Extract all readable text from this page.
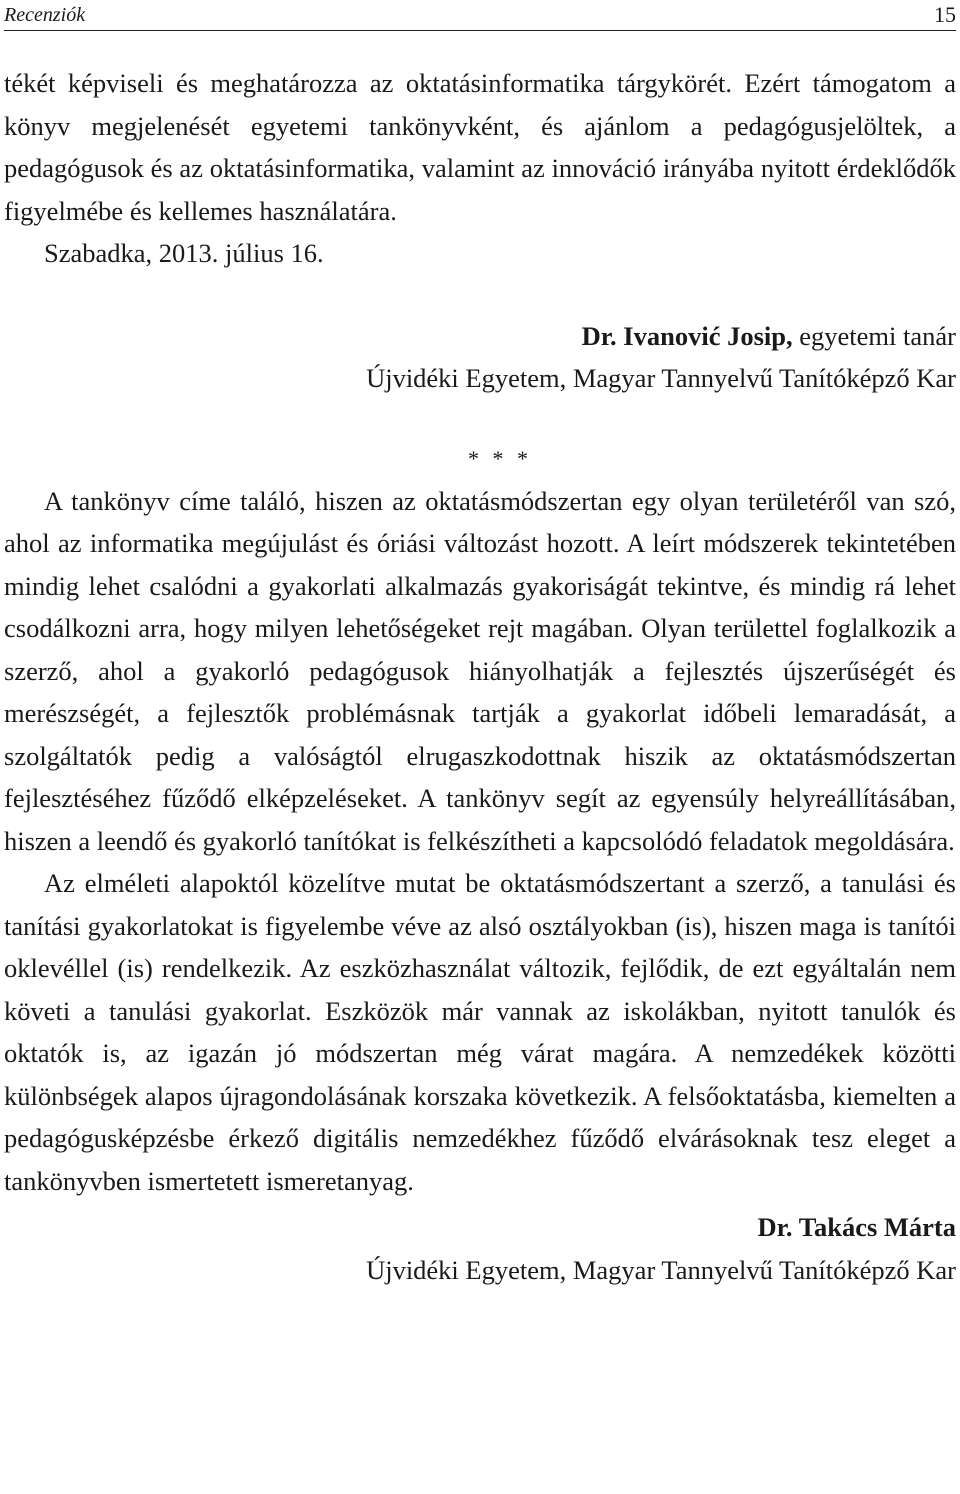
Recenziók	15

tékét képviseli és meghatározza az oktatásinformatika tárgykörét. Ezért támogatom a könyv megjelenését egyetemi tankönyvként, és ajánlom a pedagógusjelöltek, a pedagógusok és az oktatásinformatika, valamint az innováció irányába nyitott érdeklődők figyelmébe és kellemes használatára.

Szabadka, 2013. július 16.

Dr. Ivanović Josip, egyetemi tanár

Újvidéki Egyetem, Magyar Tannyelvű Tanítóképző Kar

* * *

A tankönyv címe találó, hiszen az oktatásmódszertan egy olyan területéről van szó, ahol az informatika megújulást és óriási változást hozott. A leírt módszerek tekintetében mindig lehet csalódni a gyakorlati alkalmazás gyakoriságát tekintve, és mindig rá lehet csodálkozni arra, hogy milyen lehetőségeket rejt magában. Olyan területtel foglalkozik a szerző, ahol a gyakorló pedagógusok hiányolhatják a fejlesztés újszerűségét és merészségét, a fejlesztők problémásnak tartják a gyakorlat időbeli lemaradását, a szolgáltatók pedig a valóságtól elrugaszkodottnak hiszik az oktatásmódszertan fejlesztéséhez fűződő elképzeléseket. A tankönyv segít az egyensúly helyreállításában, hiszen a leendő és gyakorló tanítókat is felkészítheti a kapcsolódó feladatok megoldására.

Az elméleti alapoktól közelítve mutat be oktatásmódszertant a szerző, a tanulási és tanítási gyakorlatokat is figyelembe véve az alsó osztályokban (is), hiszen maga is tanítói oklevéllel (is) rendelkezik. Az eszközhasználat változik, fejlődik, de ezt egyáltalán nem követi a tanulási gyakorlat. Eszközök már vannak az iskolákban, nyitott tanulók és oktatók is, az igazán jó módszertan még várat magára. A nemzedékek közötti különbségek alapos újragondolásának korszaka következik. A felsőoktatásba, kiemelten a pedagógusképzésbe érkező digitális nemzedékhez fűződő elvárásoknak tesz eleget a tankönyvben ismertetett ismeretanyag.

Dr. Takács Márta

Újvidéki Egyetem, Magyar Tannyelvű Tanítóképző Kar
